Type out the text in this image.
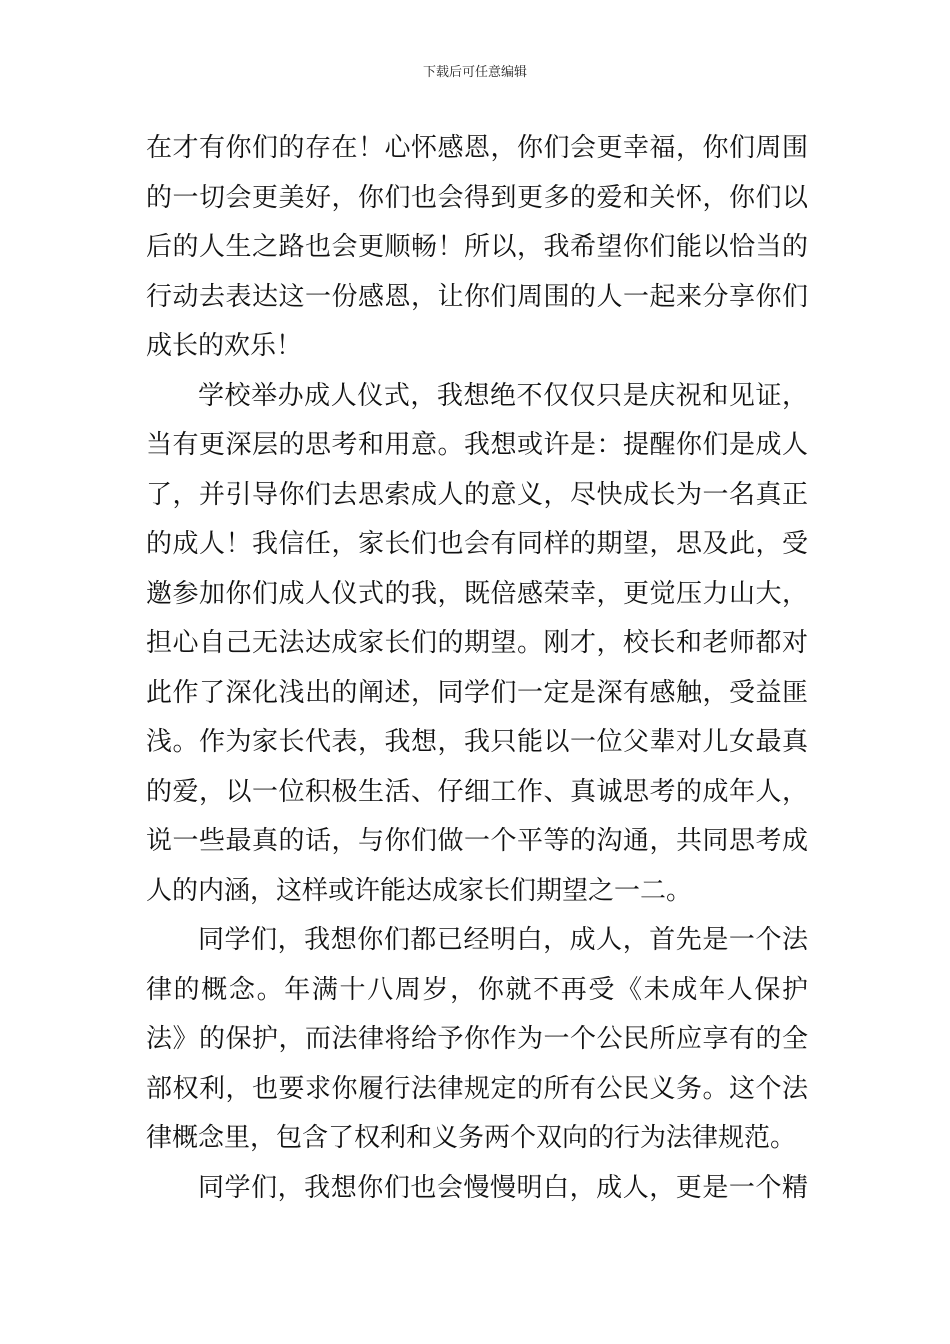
下载后可任意编辑
在才有你们的存在！心怀感恩，你们会更幸福，你们周围
的一切会更美好，你们也会得到更多的爱和关怀，你们以
后的人生之路也会更顺畅！所以，我希望你们能以恰当的
行动去表达这一份感恩，让你们周围的人一起来分享你们
成长的欢乐！
学校举办成人仪式，我想绝不仅仅只是庆祝和见证，
当有更深层的思考和用意。我想或许是：提醒你们是成人
了，并引导你们去思索成人的意义，尽快成长为一名真正
的成人！我信任，家长们也会有同样的期望，思及此，受
邀参加你们成人仪式的我，既倍感荣幸，更觉压力山大，
担心自己无法达成家长们的期望。刚才，校长和老师都对
此作了深化浅出的阐述，同学们一定是深有感触，受益匪
浅。作为家长代表，我想，我只能以一位父辈对儿女最真
的爱，以一位积极生活、仔细工作、真诚思考的成年人，
说一些最真的话，与你们做一个平等的沟通，共同思考成
人的内涵，这样或许能达成家长们期望之一二。
同学们，我想你们都已经明白，成人，首先是一个法
律的概念。年满十八周岁，你就不再受《未成年人保护
法》的保护，而法律将给予你作为一个公民所应享有的全
部权利，也要求你履行法律规定的所有公民义务。这个法
律概念里，包含了权利和义务两个双向的行为法律规范。
同学们，我想你们也会慢慢明白，成人，更是一个精
